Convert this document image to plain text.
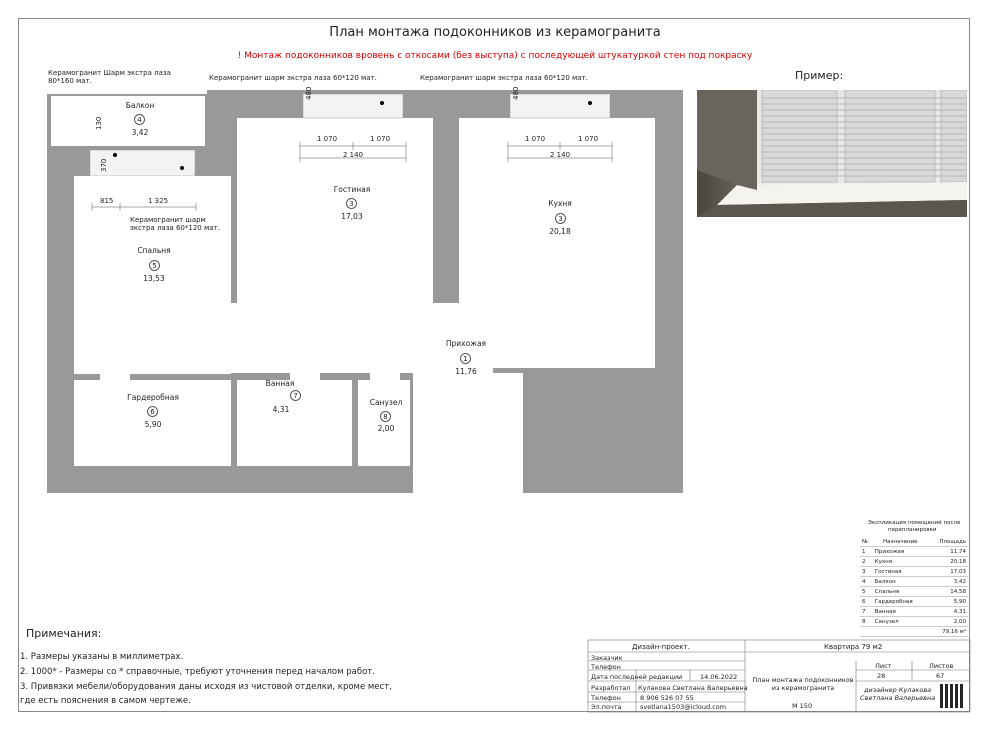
План монтажа подоконников из керамогранита
! Монтаж подоконников вровень с откосами (без выступа) с последующей штукатуркой стен под покраску
Керамогранит Шарм экстра лаза
80*160 мат.	Керамогранит шарм экстра лаза 60*120 мат.	Керамогранит шарм экстра лаза 60*120 мат.
Керамогранит шарм
экстра лаза 60*120 мат.
480
1 070	1 070
2 140
480
1 070	1 070
2 140
130
370
815	1 325
Балкон
4
3,42
Гостиная
3
17,03
Кухня
3
20,18
Спальня
5
13,53
Прихожая
1
11,76
Гардеробная
6
5,90
Ванная
7
4,31
Санузел
8
2,00
Пример:
Экспликация помещений после
перепланировки
№	Назначение	Площадь
1	Прихожая	11,74
2	Кухня	20,18
3	Гостиная	17,03
4	Балкон	3,42
5	Спальня	14,58
6	Гардеробная	5,90
7	Ванная	4,31
8	Санузел	2,00
		79,16 м²
Примечания:
1. Размеры указаны в миллиметрах.
2. 1000* - Размеры со * справочные, требуют уточнения перед началом работ.
3. Привязки мебели/оборудования даны исходя из чистовой отделки, кроме мест,
где есть пояснения в самом чертеже.
Дизайн-проект.	Квартира 79 м2
Заказчик
Телефон
Дата последней редакции	14.06.2022
Лист	Листов
28	67
Разработал Кулакова Светлана Валерьевна
Телефон	8 906 526 07 55
Эл.почта	svetlana1503@icloud.com
План монтажа подоконников из керамогранита
М 150
дизайнер Кулакова
Светлана Валерьевна
